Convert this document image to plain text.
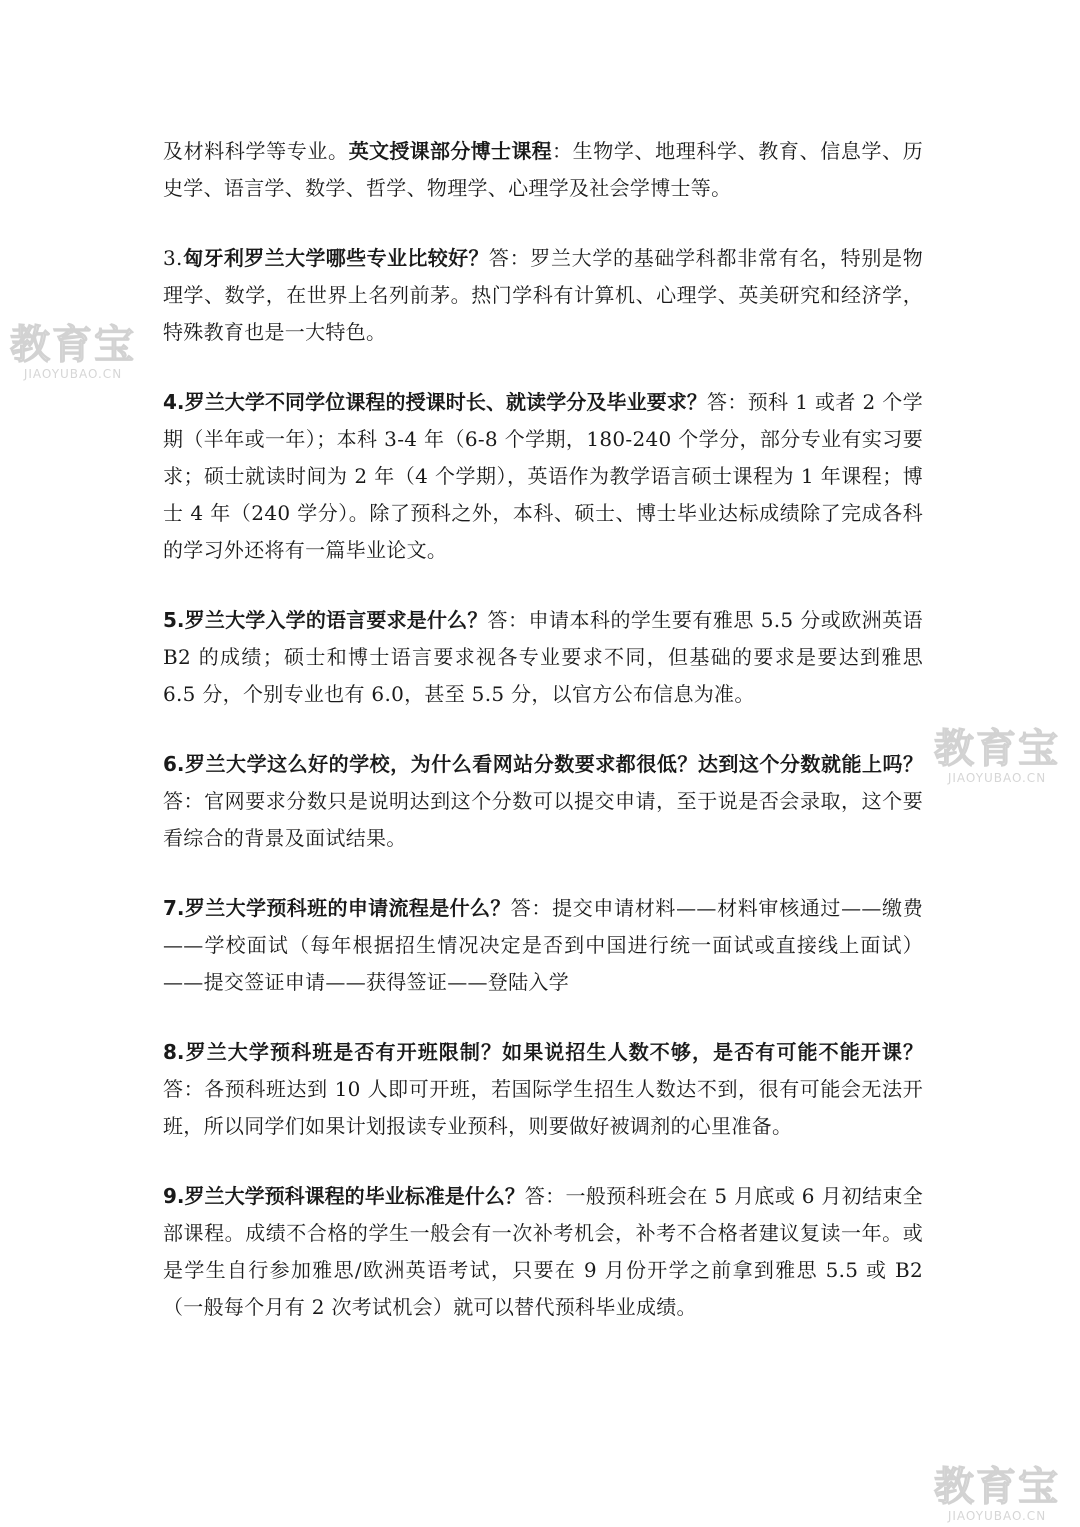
及材料科学等专业。英文授课部分博士课程：生物学、地理科学、教育、信息学、历史学、语言学、数学、哲学、物理学、心理学及社会学博士等。

3.匈牙利罗兰大学哪些专业比较好？答：罗兰大学的基础学科都非常有名，特别是物理学、数学，在世界上名列前茅。热门学科有计算机、心理学、英美研究和经济学，特殊教育也是一大特色。

4.罗兰大学不同学位课程的授课时长、就读学分及毕业要求？答：预科 1 或者 2 个学期（半年或一年）；本科 3-4 年（6-8 个学期，180-240 个学分，部分专业有实习要求；硕士就读时间为 2 年（4 个学期），英语作为教学语言硕士课程为 1 年课程；博士 4 年（240 学分）。除了预科之外，本科、硕士、博士毕业达标成绩除了完成各科的学习外还将有一篇毕业论文。

5.罗兰大学入学的语言要求是什么？答：申请本科的学生要有雅思 5.5 分或欧洲英语 B2 的成绩；硕士和博士语言要求视各专业要求不同，但基础的要求是要达到雅思 6.5 分，个别专业也有 6.0，甚至 5.5 分，以官方公布信息为准。

6.罗兰大学这么好的学校，为什么看网站分数要求都很低？达到这个分数就能上吗？答：官网要求分数只是说明达到这个分数可以提交申请，至于说是否会录取，这个要看综合的背景及面试结果。

7.罗兰大学预科班的申请流程是什么？答：提交申请材料——材料审核通过——缴费——学校面试（每年根据招生情况决定是否到中国进行统一面试或直接线上面试）——提交签证申请——获得签证——登陆入学

8.罗兰大学预科班是否有开班限制？如果说招生人数不够，是否有可能不能开课？答：各预科班达到 10 人即可开班，若国际学生招生人数达不到，很有可能会无法开班，所以同学们如果计划报读专业预科，则要做好被调剂的心里准备。

9.罗兰大学预科课程的毕业标准是什么？答：一般预科班会在 5 月底或 6 月初结束全部课程。成绩不合格的学生一般会有一次补考机会，补考不合格者建议复读一年。或是学生自行参加雅思/欧洲英语考试，只要在 9 月份开学之前拿到雅思 5.5 或 B2（一般每个月有 2 次考试机会）就可以替代预科毕业成绩。

教育宝
JIAOYUBAO.CN
教育宝
JIAOYUBAO.CN
教育宝
JIAOYUBAO.CN
